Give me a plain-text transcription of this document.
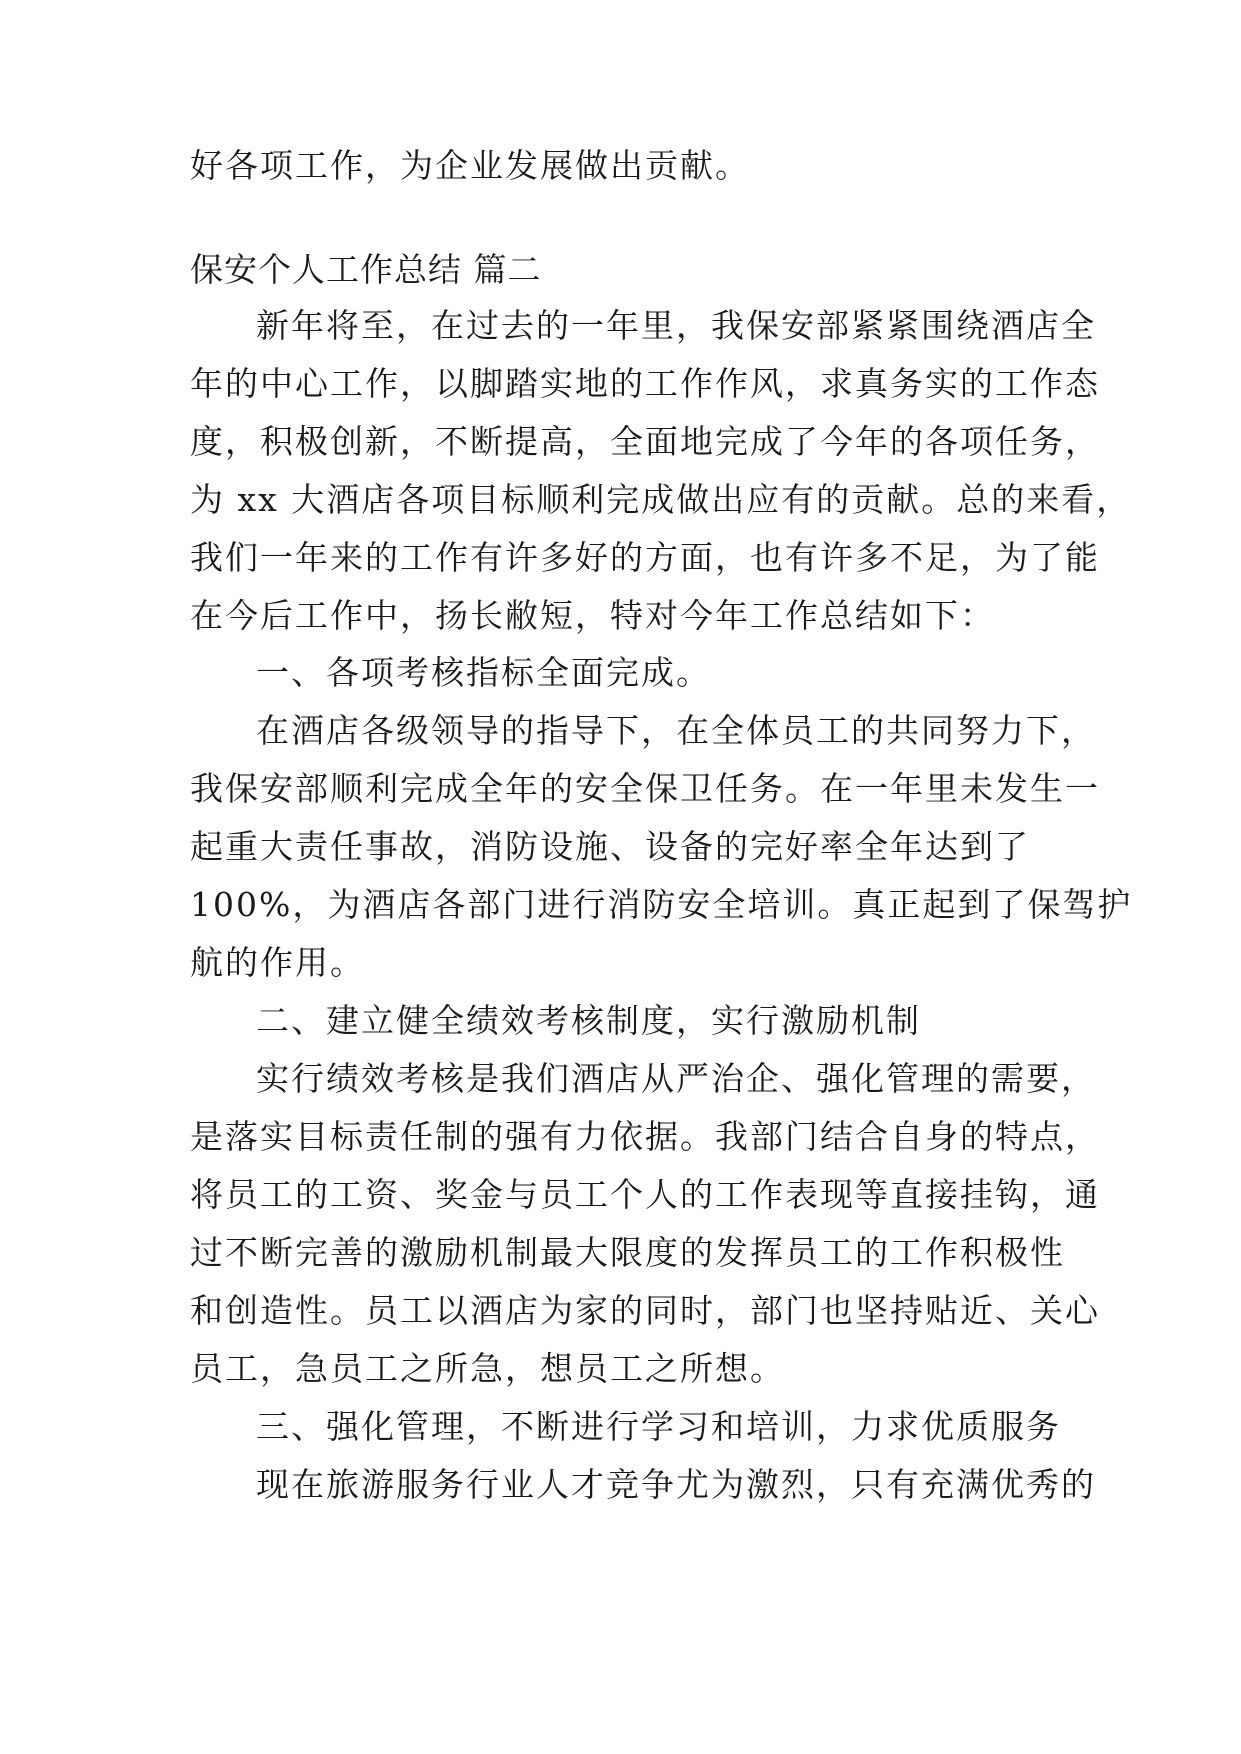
好各项工作，为企业发展做出贡献。
保安个人工作总结 篇二
新年将至，在过去的一年里，我保安部紧紧围绕酒店全
年的中心工作，以脚踏实地的工作作风，求真务实的工作态
度，积极创新，不断提高，全面地完成了今年的各项任务，
为 xx 大酒店各项目标顺利完成做出应有的贡献。总的来看，
我们一年来的工作有许多好的方面，也有许多不足，为了能
在今后工作中，扬长敝短，特对今年工作总结如下：
一、各项考核指标全面完成。
在酒店各级领导的指导下，在全体员工的共同努力下，
我保安部顺利完成全年的安全保卫任务。在一年里未发生一
起重大责任事故，消防设施、设备的完好率全年达到了
100%，为酒店各部门进行消防安全培训。真正起到了保驾护
航的作用。
二、建立健全绩效考核制度，实行激励机制
实行绩效考核是我们酒店从严治企、强化管理的需要，
是落实目标责任制的强有力依据。我部门结合自身的特点，
将员工的工资、奖金与员工个人的工作表现等直接挂钩，通
过不断完善的激励机制最大限度的发挥员工的工作积极性
和创造性。员工以酒店为家的同时，部门也坚持贴近、关心
员工，急员工之所急，想员工之所想。
三、强化管理，不断进行学习和培训，力求优质服务
现在旅游服务行业人才竞争尤为激烈，只有充满优秀的
